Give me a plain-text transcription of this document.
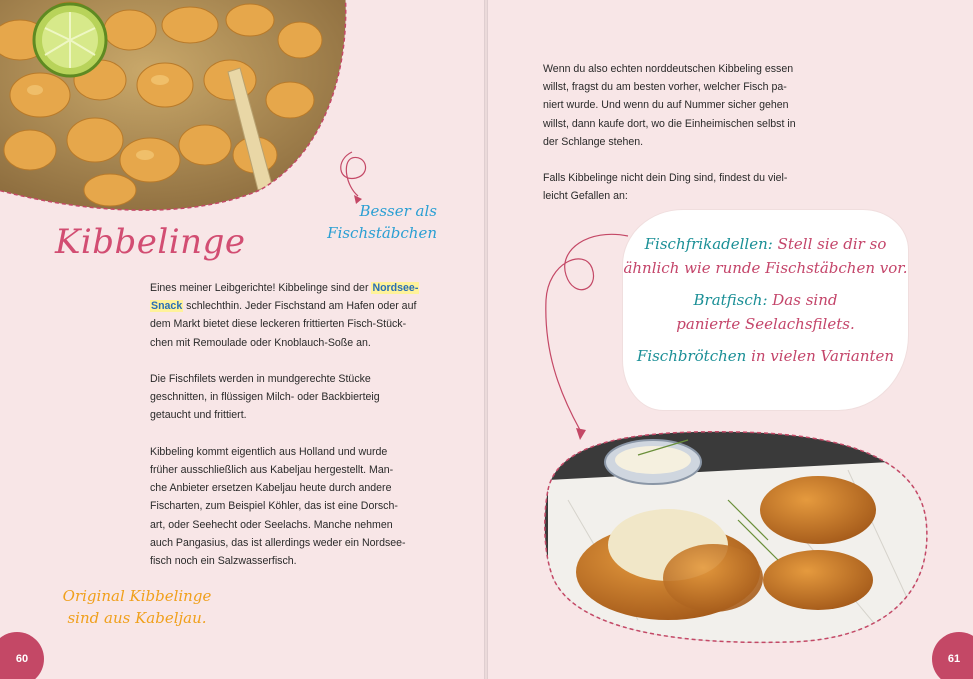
Kibbelinge
Besser als
Fischstäbchen

Eines meiner Leibgerichte! Kibbelinge sind der Nordsee-
Snack schlechthin. Jeder Fischstand am Hafen oder auf
dem Markt bietet diese leckeren frittierten Fisch-Stück-
chen mit Remoulade oder Knoblauch-Soße an.

Die Fischfilets werden in mundgerechte Stücke
geschnitten, in flüssigen Milch- oder Backbierteig
getaucht und frittiert.

Kibbeling kommt eigentlich aus Holland und wurde
früher ausschließlich aus Kabeljau hergestellt. Man-
che Anbieter ersetzen Kabeljau heute durch andere
Fischarten, zum Beispiel Köhler, das ist eine Dorsch-
art, oder Seehecht oder Seelachs. Manche nehmen
auch Pangasius, das ist allerdings weder ein Nordsee-
fisch noch ein Salzwasserfisch.

Original Kibbelinge
sind aus Kabeljau.
60

Wenn du also echten norddeutschen Kibbeling essen
willst, fragst du am besten vorher, welcher Fisch pa-
niert wurde. Und wenn du auf Nummer sicher gehen
willst, dann kaufe dort, wo die Einheimischen selbst in
der Schlange stehen.

Falls Kibbelinge nicht dein Ding sind, findest du viel-
leicht Gefallen an:

Fischfrikadellen: Stell sie dir so
ähnlich wie runde Fischstäbchen vor.
Bratfisch: Das sind
panierte Seelachsfilets.
Fischbrötchen in vielen Varianten
61
